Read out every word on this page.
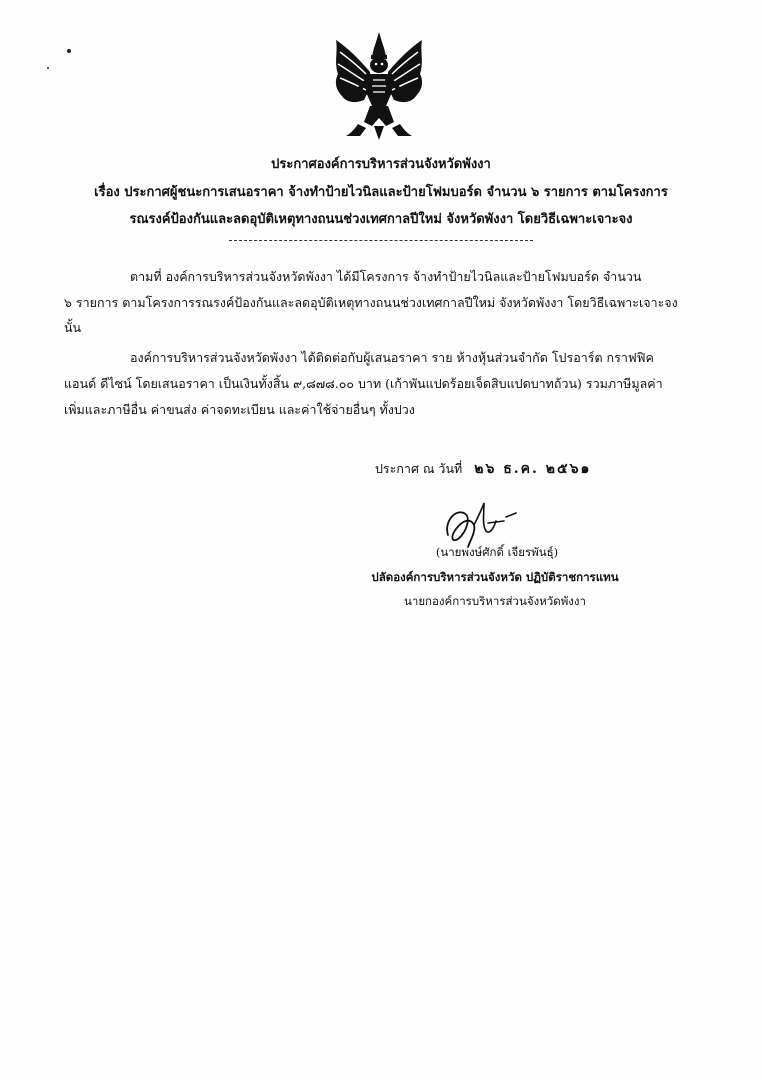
ประกาศองค์การบริหารส่วนจังหวัดพังงา
เรื่อง ประกาศผู้ชนะการเสนอราคา จ้างทำป้ายไวนิลและป้ายโฟมบอร์ด จำนวน ๖ รายการ ตามโครงการ
รณรงค์ป้องกันและลดอุบัติเหตุทางถนนช่วงเทศกาลปีใหม่ จังหวัดพังงา โดยวิธีเฉพาะเจาะจง
ตามที่ องค์การบริหารส่วนจังหวัดพังงา ได้มีโครงการ จ้างทำป้ายไวนิลและป้ายโฟมบอร์ด จำนวน
๖ รายการ ตามโครงการรณรงค์ป้องกันและลดอุบัติเหตุทางถนนช่วงเทศกาลปีใหม่ จังหวัดพังงา โดยวิธีเฉพาะเจาะจง
นั้น
องค์การบริหารส่วนจังหวัดพังงา ได้ติดต่อกับผู้เสนอราคา ราย ห้างหุ้นส่วนจำกัด โปรอาร์ต กราฟฟิค
แอนด์ ดีไซน์ โดยเสนอราคา เป็นเงินทั้งสิ้น ๙,๘๗๘.๐๐ บาท (เก้าพันแปดร้อยเจ็ดสิบแปดบาทถ้วน) รวมภาษีมูลค่า
เพิ่มและภาษีอื่น ค่าขนส่ง ค่าจดทะเบียน และค่าใช้จ่ายอื่นๆ ทั้งปวง
ประกาศ ณ วันที่ ๒๖ ธ.ค. ๒๕๖๑
(นายพงษ์ศักดิ์ เจียรพันธุ์)
ปลัดองค์การบริหารส่วนจังหวัด ปฏิบัติราชการแทน
นายกองค์การบริหารส่วนจังหวัดพังงา
